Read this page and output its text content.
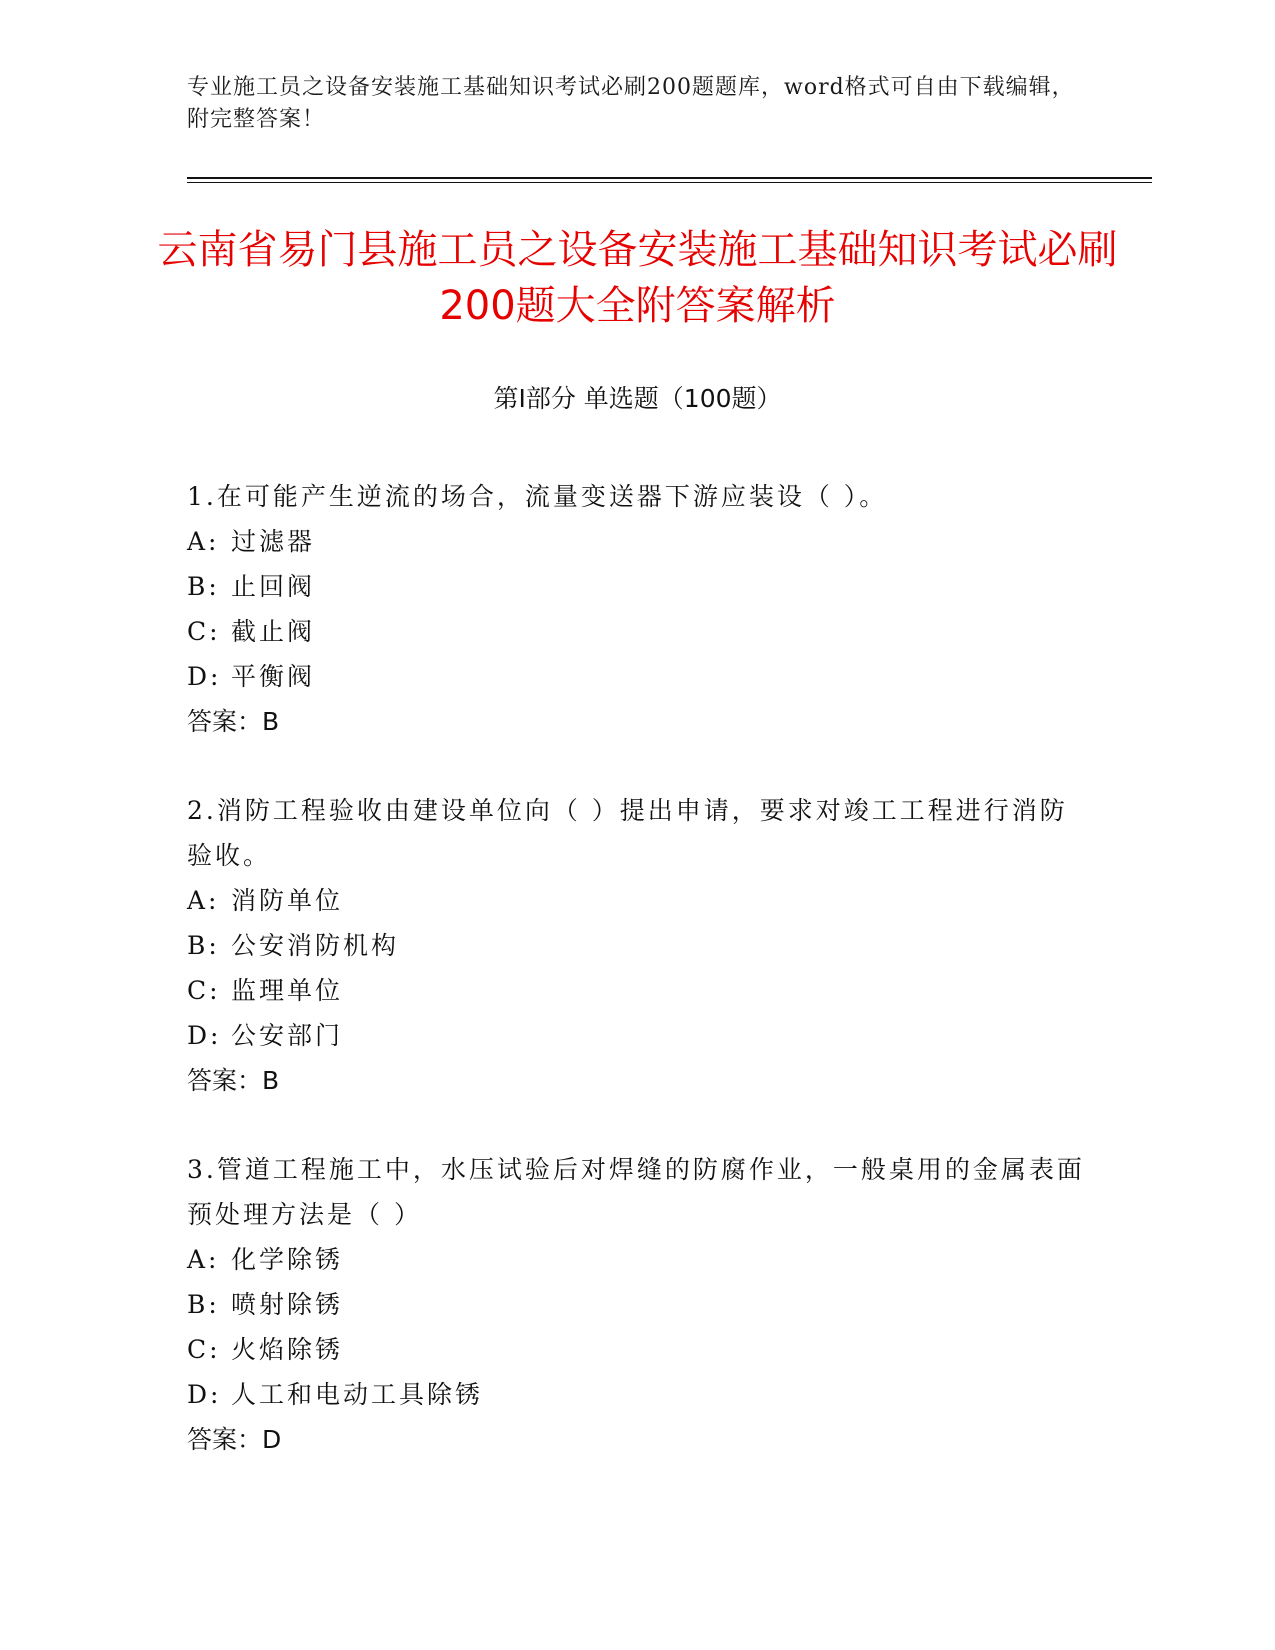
专业施工员之设备安装施工基础知识考试必刷200题题库，word格式可自由下载编辑，附完整答案！
云南省易门县施工员之设备安装施工基础知识考试必刷200题大全附答案解析
第Ⅰ部分 单选题（100题）

1.在可能产生逆流的场合，流量变送器下游应装设（ ）。

A: 过滤器

B: 止回阀

C: 截止阀

D: 平衡阀

答案：B

2.消防工程验收由建设单位向（ ）提出申请，要求对竣工工程进行消防验收。

A: 消防单位

B: 公安消防机构

C: 监理单位

D: 公安部门

答案：B

3.管道工程施工中，水压试验后对焊缝的防腐作业，一般桌用的金属表面预处理方法是（ ）

A: 化学除锈

B: 喷射除锈

C: 火焰除锈

D: 人工和电动工具除锈

答案：D
